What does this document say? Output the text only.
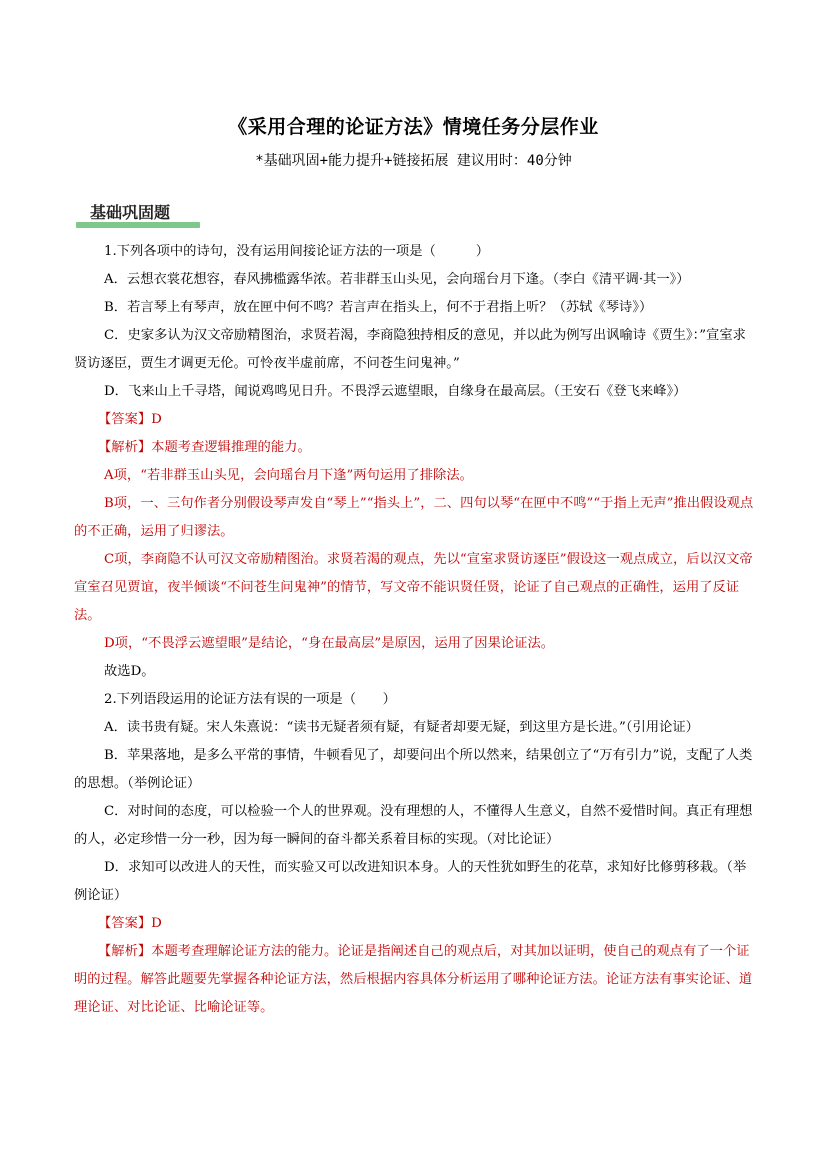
《采用合理的论证方法》情境任务分层作业
*基础巩固+能力提升+链接拓展 建议用时：40分钟
基础巩固题

1.下列各项中的诗句，没有运用间接论证方法的一项是（　　　）

A．云想衣裳花想容，春风拂槛露华浓。若非群玉山头见，会向瑶台月下逢。（李白《清平调·其一》）

B．若言琴上有琴声，放在匣中何不鸣？若言声在指头上，何不于君指上听？（苏轼《琴诗》）

C．史家多认为汉文帝励精图治，求贤若渴，李商隐独持相反的意见，并以此为例写出讽喻诗《贾生》：”宣室求贤访逐臣，贾生才调更无伦。可怜夜半虚前席，不问苍生问鬼神。”

D．飞来山上千寻塔，闻说鸡鸣见日升。不畏浮云遮望眼，自缘身在最高层。（王安石《登飞来峰》）

【答案】D

【解析】本题考查逻辑推理的能力。

A项，“若非群玉山头见，会向瑶台月下逢”两句运用了排除法。

B项，一、三句作者分别假设琴声发自“琴上”“指头上”，二、四句以琴“在匣中不鸣”“于指上无声”推出假设观点的不正确，运用了归谬法。

C项，李商隐不认可汉文帝励精图治。求贤若渴的观点，先以“宣室求贤访逐臣”假设这一观点成立，后以汉文帝宣室召见贾谊，夜半倾谈“不问苍生问鬼神”的情节，写文帝不能识贤任贤，论证了自己观点的正确性，运用了反证法。

D项，“不畏浮云遮望眼”是结论，“身在最高层”是原因，运用了因果论证法。

故选D。

2.下列语段运用的论证方法有误的一项是（　　）

A．读书贵有疑。宋人朱熹说：“读书无疑者须有疑，有疑者却要无疑，到这里方是长进。”（引用论证）

B．苹果落地，是多么平常的事情，牛顿看见了，却要问出个所以然来，结果创立了“万有引力”说，支配了人类的思想。（举例论证）

C．对时间的态度，可以检验一个人的世界观。没有理想的人，不懂得人生意义，自然不爱惜时间。真正有理想的人，必定珍惜一分一秒，因为每一瞬间的奋斗都关系着目标的实现。（对比论证）

D．求知可以改进人的天性，而实验又可以改进知识本身。人的天性犹如野生的花草，求知好比修剪移栽。（举例论证）

【答案】D

【解析】本题考查理解论证方法的能力。论证是指阐述自己的观点后，对其加以证明，使自己的观点有了一个证明的过程。解答此题要先掌握各种论证方法，然后根据内容具体分析运用了哪种论证方法。论证方法有事实论证、道理论证、对比论证、比喻论证等。
